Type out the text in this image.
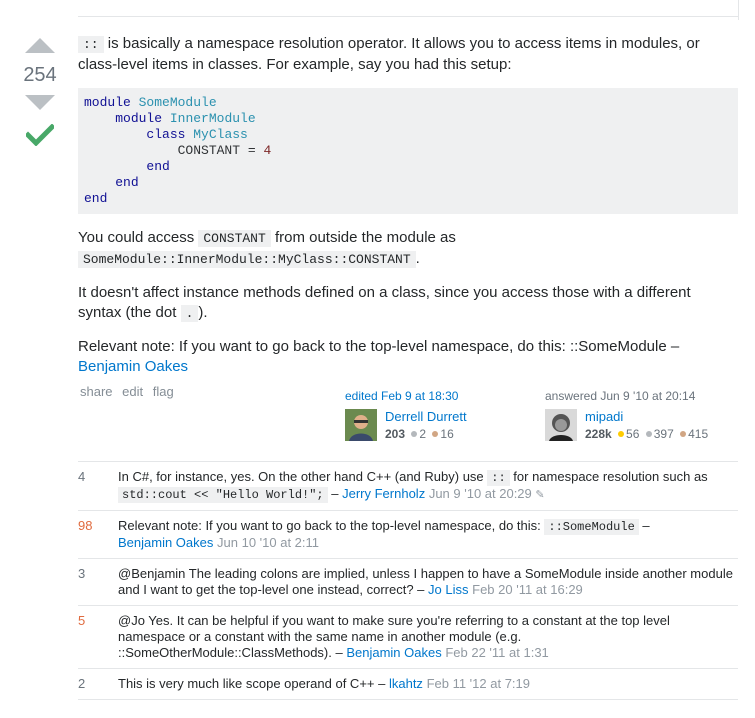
254

:: is basically a namespace resolution operator. It allows you to access items in modules, or class-level items in classes. For example, say you had this setup:

module SomeModule
module InnerModule
class MyClass
CONSTANT = 4
end
end
end

You could access CONSTANT from outside the module as
SomeModule::InnerModule::MyClass::CONSTANT .

It doesn't affect instance methods defined on a class, since you access those with a different syntax (the dot . ).

Relevant note: If you want to go back to the top-level namespace, do this: ::SomeModule –
Benjamin Oakes

share edit flag	edited Feb 9 at 18:30
Derrell Durrett
203 2 16
answered Jun 9 '10 at 20:14
mipadi
228k 56 397 415
4	In C#, for instance, yes. On the other hand C++ (and Ruby) use :: for namespace resolution such as
std::cout << "Hello World!"; – Jerry Fernholz Jun 9 '10 at 20:29 ✎
98	Relevant note: If you want to go back to the top-level namespace, do this: ::SomeModule –
Benjamin Oakes Jun 10 '10 at 2:11
3	@Benjamin The leading colons are implied, unless I happen to have a SomeModule inside another module and I want to get the top-level one instead, correct? – Jo Liss Feb 20 '11 at 16:29
5	@Jo Yes. It can be helpful if you want to make sure you're referring to a constant at the top level namespace or a constant with the same name in another module (e.g. ::SomeOtherModule::ClassMethods). – Benjamin Oakes Feb 22 '11 at 1:31
2	This is very much like scope operand of C++ – lkahtz Feb 11 '12 at 7:19
